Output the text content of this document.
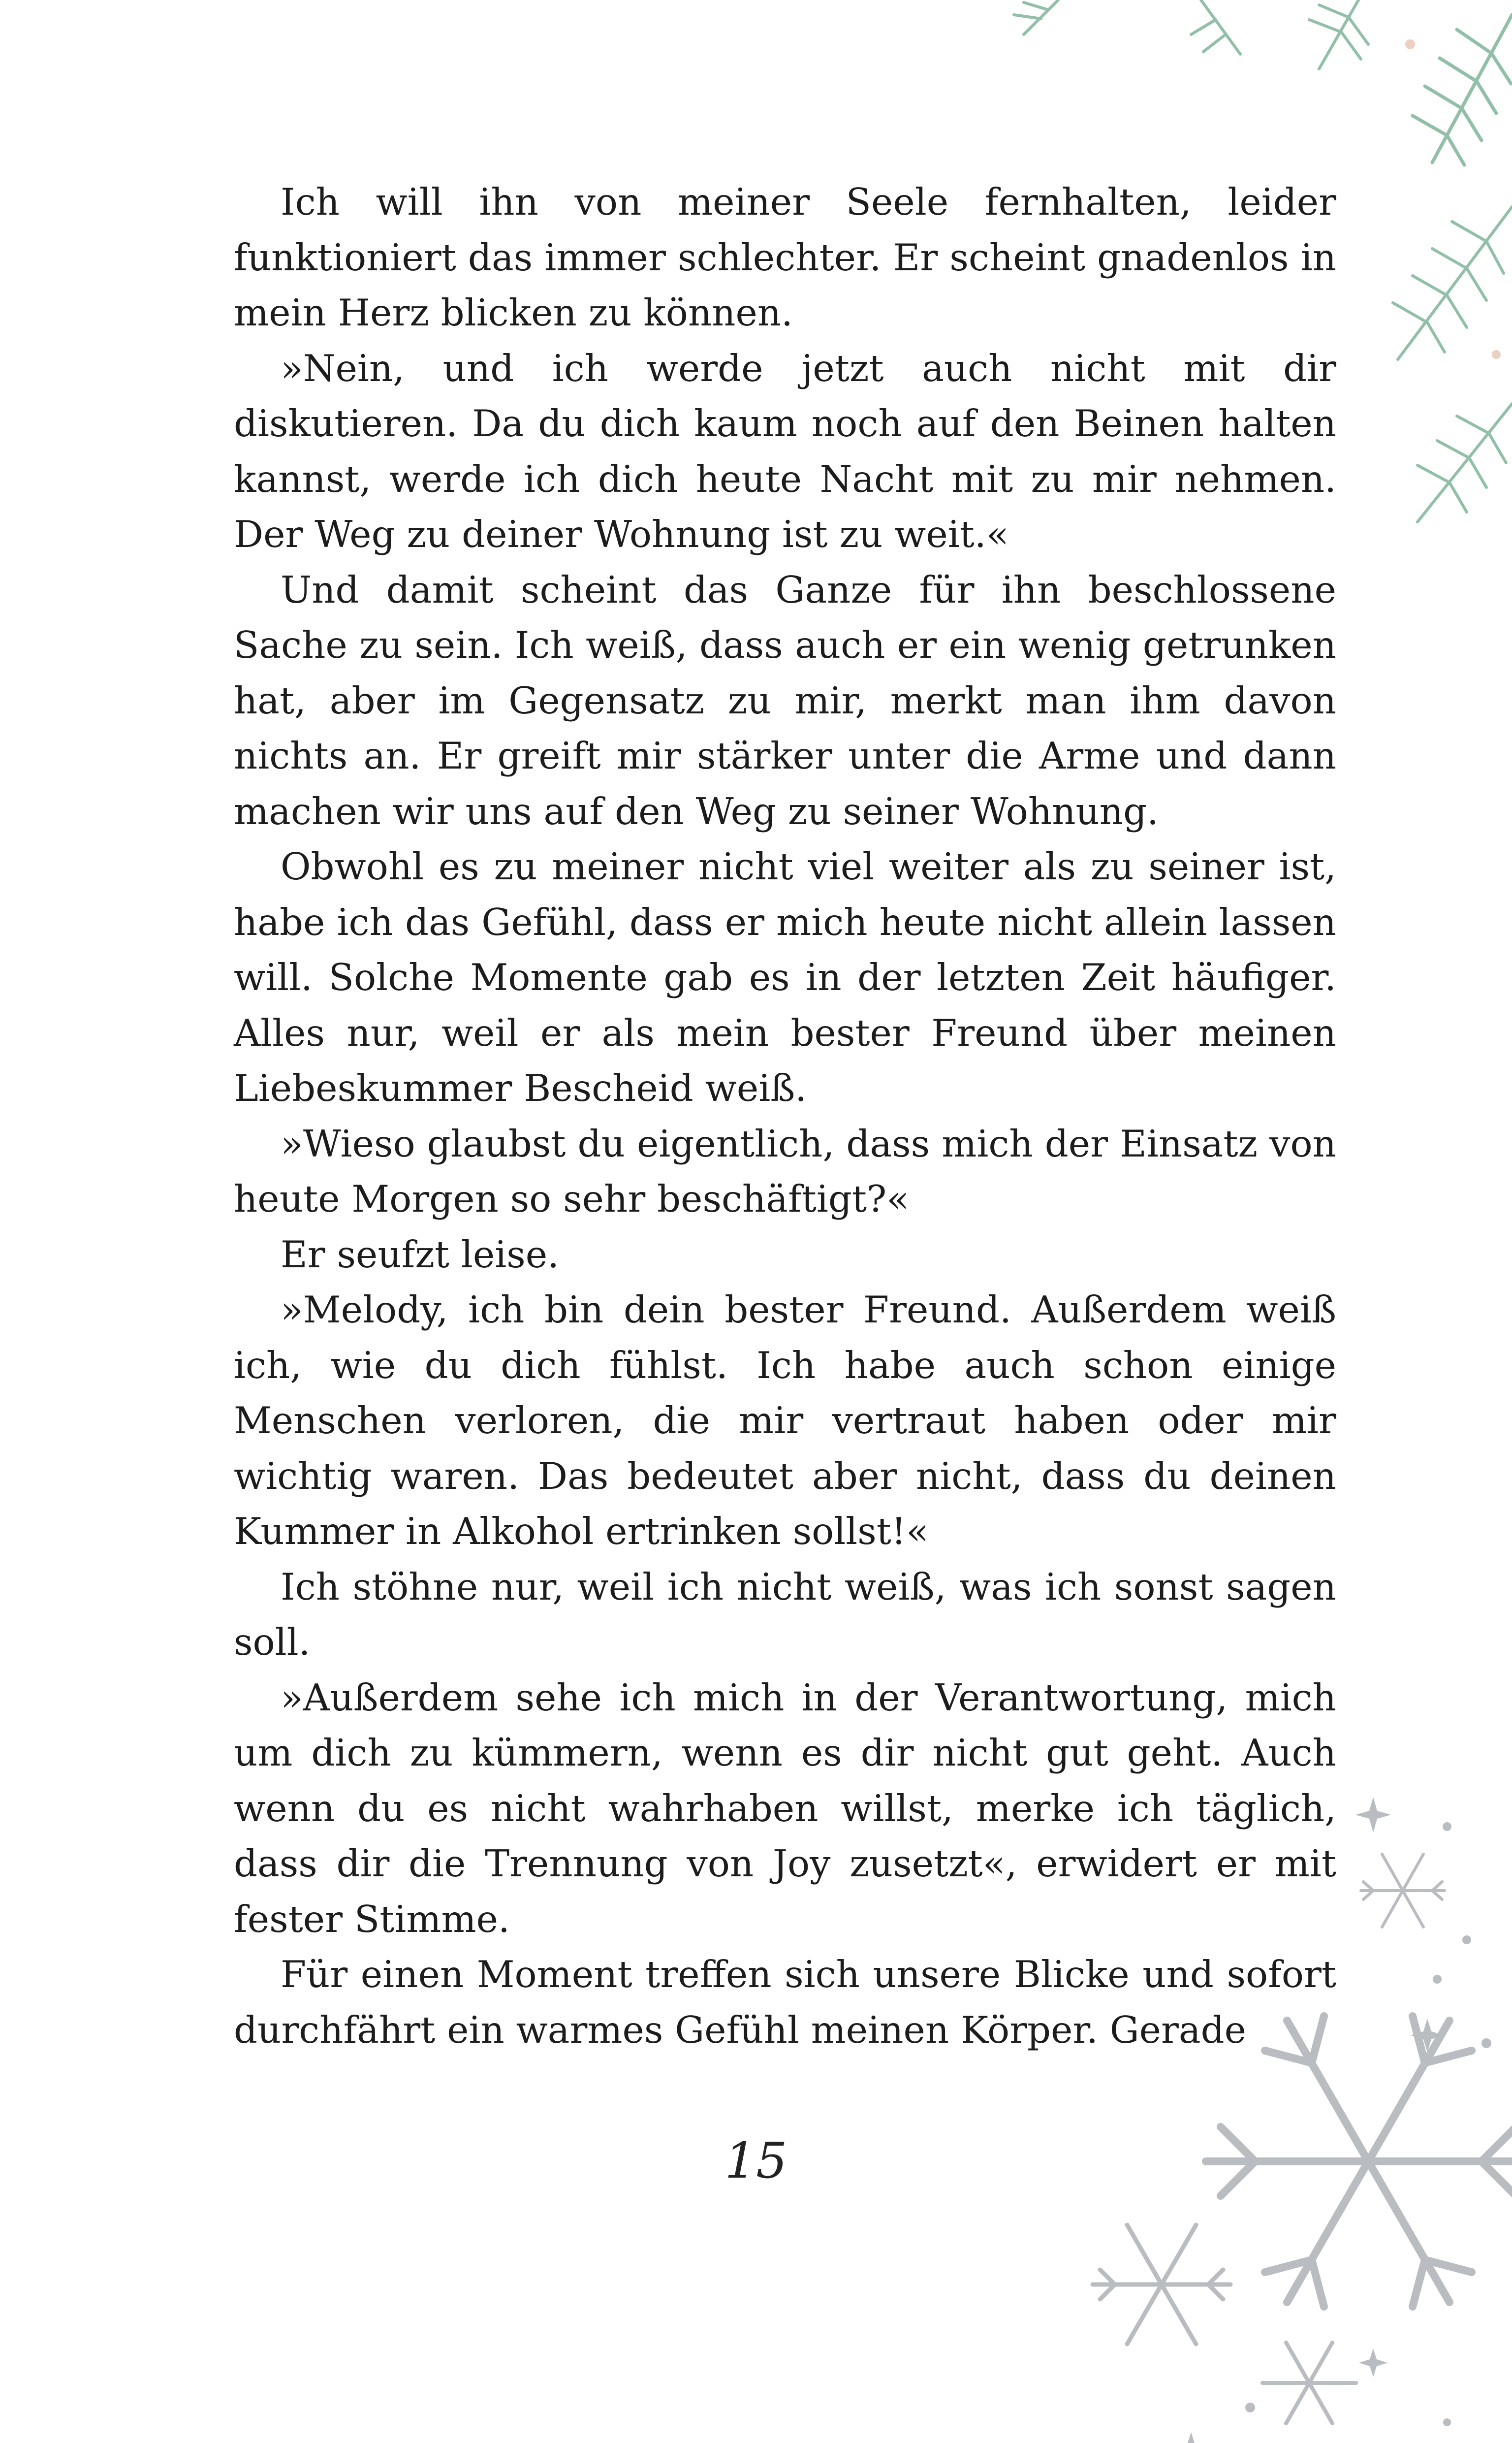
Ich will ihn von meiner Seele fernhalten, leider funktioniert das immer schlechter. Er scheint gnadenlos in mein Herz blicken zu können.

»Nein, und ich werde jetzt auch nicht mit dir diskutieren. Da du dich kaum noch auf den Beinen halten kannst, werde ich dich heute Nacht mit zu mir nehmen. Der Weg zu deiner Wohnung ist zu weit.«

Und damit scheint das Ganze für ihn beschlossene Sache zu sein. Ich weiß, dass auch er ein wenig getrunken hat, aber im Gegensatz zu mir, merkt man ihm davon nichts an. Er greift mir stärker unter die Arme und dann machen wir uns auf den Weg zu seiner Wohnung.

Obwohl es zu meiner nicht viel weiter als zu seiner ist, habe ich das Gefühl, dass er mich heute nicht allein lassen will. Solche Momente gab es in der letzten Zeit häufiger. Alles nur, weil er als mein bester Freund über meinen Liebeskummer Bescheid weiß.

»Wieso glaubst du eigentlich, dass mich der Einsatz von heute Morgen so sehr beschäftigt?«

Er seufzt leise.

»Melody, ich bin dein bester Freund. Außerdem weiß ich, wie du dich fühlst. Ich habe auch schon einige Menschen verloren, die mir vertraut haben oder mir wichtig waren. Das bedeutet aber nicht, dass du deinen Kummer in Alkohol ertrinken sollst!«

Ich stöhne nur, weil ich nicht weiß, was ich sonst sagen soll.

»Außerdem sehe ich mich in der Verantwortung, mich um dich zu kümmern, wenn es dir nicht gut geht. Auch wenn du es nicht wahrhaben willst, merke ich täglich, dass dir die Trennung von Joy zusetzt«, erwidert er mit fester Stimme.

Für einen Moment treffen sich unsere Blicke und sofort durchfährt ein warmes Gefühl meinen Körper. Gerade

15
